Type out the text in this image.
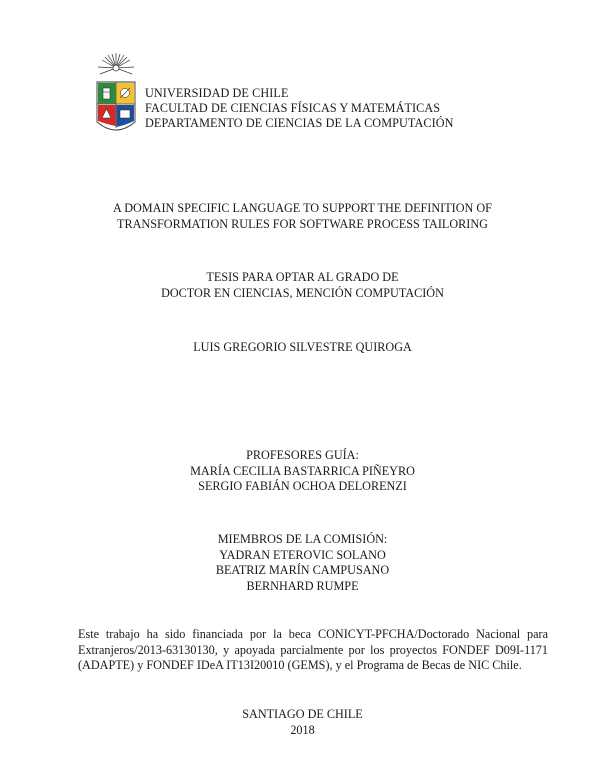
UNIVERSIDAD DE CHILE
FACULTAD DE CIENCIAS FÍSICAS Y MATEMÁTICAS
DEPARTAMENTO DE CIENCIAS DE LA COMPUTACIÓN
A DOMAIN SPECIFIC LANGUAGE TO SUPPORT THE DEFINITION OF
TRANSFORMATION RULES FOR SOFTWARE PROCESS TAILORING
TESIS PARA OPTAR AL GRADO DE
DOCTOR EN CIENCIAS, MENCIÓN COMPUTACIÓN
LUIS GREGORIO SILVESTRE QUIROGA
PROFESORES GUÍA:
MARÍA CECILIA BASTARRICA PIÑEYRO
SERGIO FABIÁN OCHOA DELORENZI
MIEMBROS DE LA COMISIÓN:
YADRAN ETEROVIC SOLANO
BEATRIZ MARÍN CAMPUSANO
BERNHARD RUMPE
Este trabajo ha sido financiada por la beca CONICYT-PFCHA/Doctorado Nacional para
Extranjeros/2013-63130130, y apoyada parcialmente por los proyectos FONDEF D09I-1171
(ADAPTE) y FONDEF IDeA IT13I20010 (GEMS), y el Programa de Becas de NIC Chile.
SANTIAGO DE CHILE
2018
